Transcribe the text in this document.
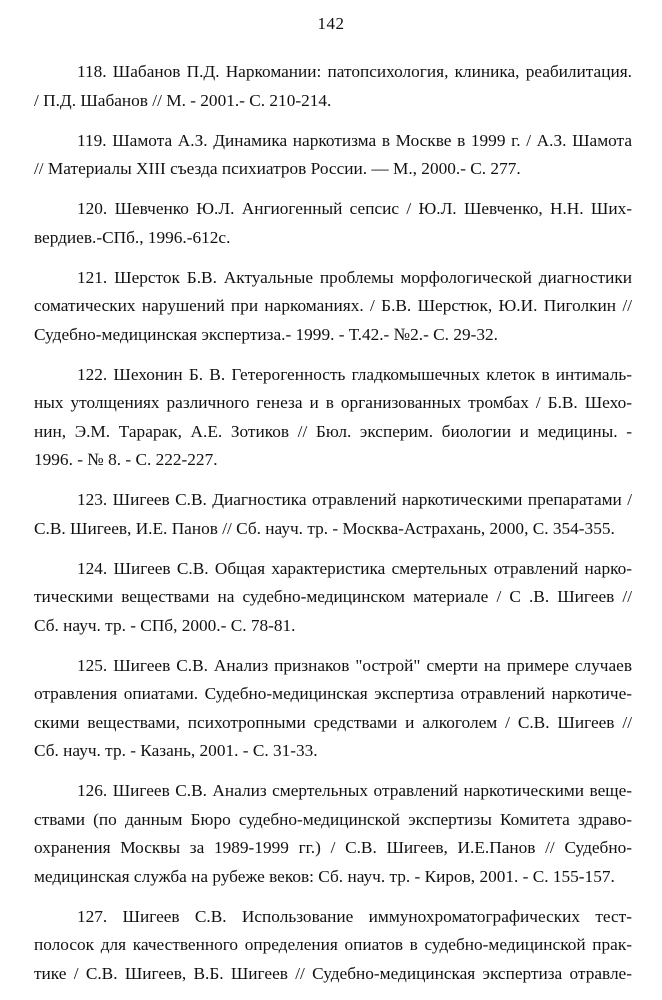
142
118. Шабанов П.Д. Наркомании: патопсихология, клиника, реабилитация.
/ П.Д. Шабанов // М. - 2001.- С. 210-214.
119. Шамота А.З. Динамика наркотизма в Москве в 1999 г. / А.З. Шамота
// Материалы XIII съезда психиатров России. — М., 2000.- С. 277.
120. Шевченко Ю.Л. Ангиогенный сепсис / Ю.Л. Шевченко, Н.Н. Ших-
вердиев.-СПб., 1996.-612с.
121. Шерсток Б.В. Актуальные проблемы морфологической диагностики
соматических нарушений при наркоманиях. / Б.В. Шерстюк, Ю.И. Пиголкин //
Судебно-медицинская экспертиза.- 1999. - Т.42.- №2.- С. 29-32.
122. Шехонин Б. В. Гетерогенность гладкомышечных клеток в интималь-
ных утолщениях различного генеза и в организованных тромбах / Б.В. Шехо-
нин, Э.М. Тарарак, А.Е. Зотиков // Бюл. эксперим. биологии и медицины. -
1996. - № 8. - С. 222-227.
123. Шигеев С.В. Диагностика отравлений наркотическими препаратами /
С.В. Шигеев, И.Е. Панов // Сб. науч. тр. - Москва-Астрахань, 2000, С. 354-355.
124. Шигеев С.В. Общая характеристика смертельных отравлений нарко-
тическими веществами на судебно-медицинском материале / С .В. Шигеев //
Сб. науч. тр. - СПб, 2000.- С. 78-81.
125. Шигеев С.В. Анализ признаков "острой" смерти на примере случаев
отравления опиатами. Судебно-медицинская экспертиза отравлений наркотиче-
скими веществами, психотропными средствами и алкоголем / С.В. Шигеев //
Сб. науч. тр. - Казань, 2001. - С. 31-33.
126. Шигеев С.В. Анализ смертельных отравлений наркотическими веще-
ствами (по данным Бюро судебно-медицинской экспертизы Комитета здраво-
охранения Москвы за 1989-1999 гг.) / С.В. Шигеев, И.Е.Панов // Судебно-
медицинская служба на рубеже веков: Сб. науч. тр. - Киров, 2001. - С. 155-157.
127. Шигеев С.В. Использование иммунохроматографических тест-
полосок для качественного определения опиатов в судебно-медицинской прак-
тике / С.В. Шигеев, В.Б. Шигеев // Судебно-медицинская экспертиза отравле-
